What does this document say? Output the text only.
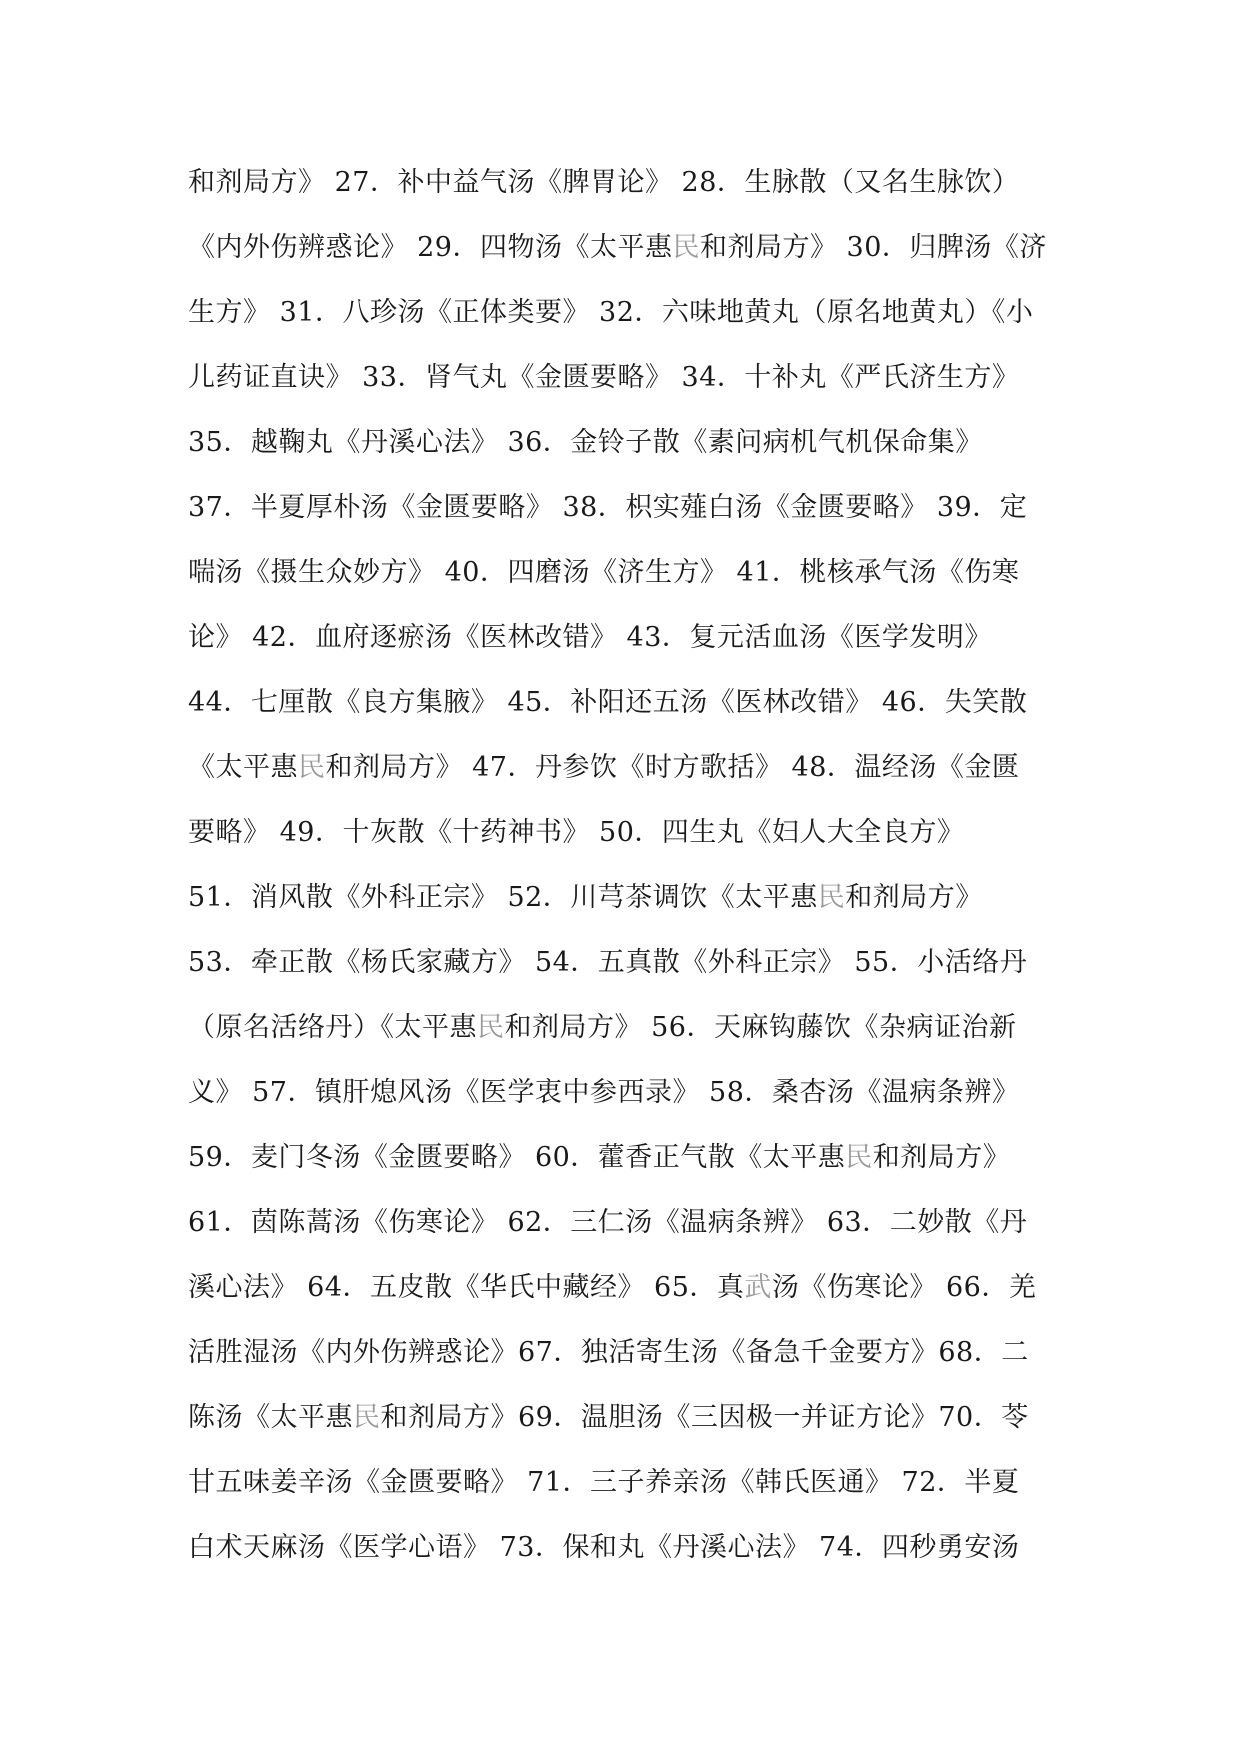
和剂局方》 27．补中益气汤《脾胃论》 28．生脉散（又名生脉饮）
《内外伤辨惑论》 29．四物汤《太平惠民和剂局方》 30．归脾汤《济
生方》 31．八珍汤《正体类要》 32．六味地黄丸（原名地黄丸）《小
儿药证直诀》 33．肾气丸《金匮要略》 34．十补丸《严氏济生方》
35．越鞠丸《丹溪心法》 36．金铃子散《素问病机气机保命集》
37．半夏厚朴汤《金匮要略》 38．枳实薤白汤《金匮要略》 39．定
喘汤《摄生众妙方》 40．四磨汤《济生方》 41．桃核承气汤《伤寒
论》 42．血府逐瘀汤《医林改错》 43．复元活血汤《医学发明》
44．七厘散《良方集腋》 45．补阳还五汤《医林改错》 46．失笑散
《太平惠民和剂局方》 47．丹参饮《时方歌括》 48．温经汤《金匮
要略》 49．十灰散《十药神书》 50．四生丸《妇人大全良方》
51．消风散《外科正宗》 52．川芎茶调饮《太平惠民和剂局方》
53．牵正散《杨氏家藏方》 54．五真散《外科正宗》 55．小活络丹
（原名活络丹）《太平惠民和剂局方》 56．天麻钩藤饮《杂病证治新
义》 57．镇肝熄风汤《医学衷中参西录》 58．桑杏汤《温病条辨》
59．麦门冬汤《金匮要略》 60．藿香正气散《太平惠民和剂局方》
61．茵陈蒿汤《伤寒论》 62．三仁汤《温病条辨》 63．二妙散《丹
溪心法》 64．五皮散《华氏中藏经》 65．真武汤《伤寒论》 66．羌
活胜湿汤《内外伤辨惑论》67．独活寄生汤《备急千金要方》68．二
陈汤《太平惠民和剂局方》69．温胆汤《三因极一并证方论》70．苓
甘五味姜辛汤《金匮要略》 71．三子养亲汤《韩氏医通》 72．半夏
白术天麻汤《医学心语》 73．保和丸《丹溪心法》 74．四秒勇安汤
